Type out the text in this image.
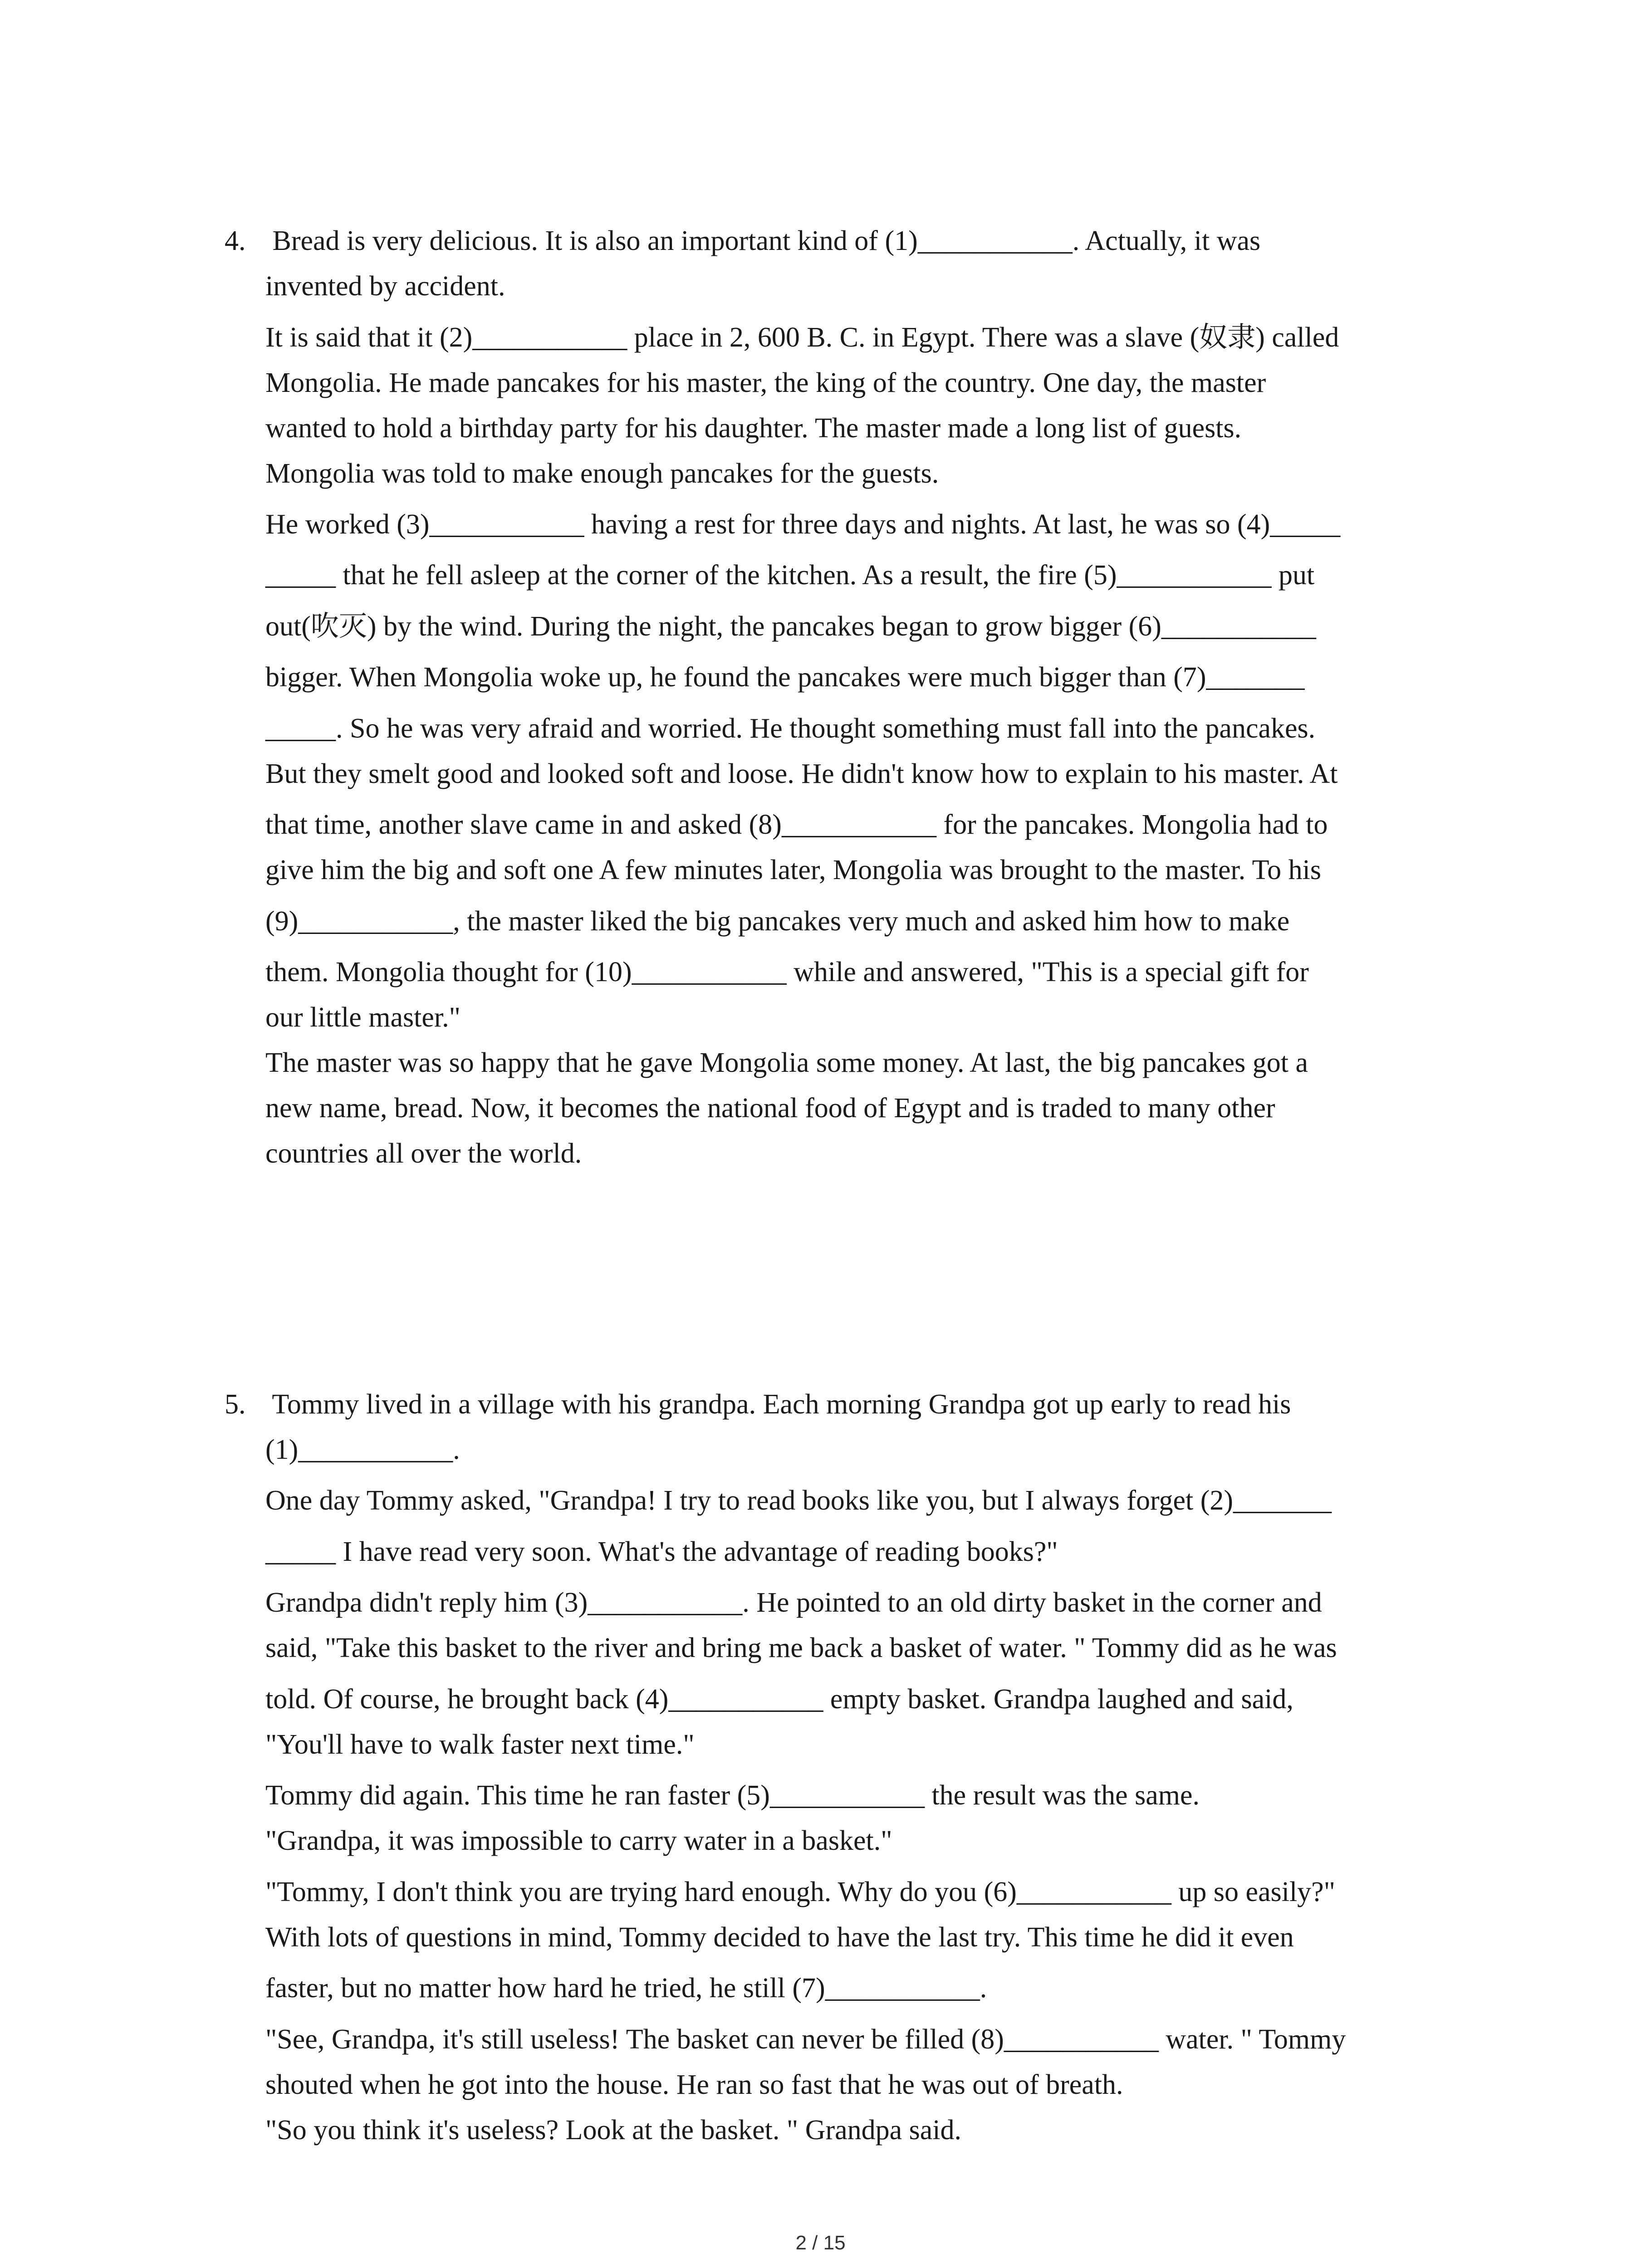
4. Bread is very delicious. It is also an important kind of (1)___________. Actually, it was
invented by accident.
It is said that it (2)___________ place in 2, 600 B. C. in Egypt. There was a slave (奴隶) called
Mongolia. He made pancakes for his master, the king of the country. One day, the master
wanted to hold a birthday party for his daughter. The master made a long list of guests.
Mongolia was told to make enough pancakes for the guests.
He worked (3)___________ having a rest for three days and nights. At last, he was so (4)_____
_____ that he fell asleep at the corner of the kitchen. As a result, the fire (5)___________ put
out(吹灭) by the wind. During the night, the pancakes began to grow bigger (6)___________
bigger. When Mongolia woke up, he found the pancakes were much bigger than (7)_______
_____. So he was very afraid and worried. He thought something must fall into the pancakes.
But they smelt good and looked soft and loose. He didn't know how to explain to his master. At
that time, another slave came in and asked (8)___________ for the pancakes. Mongolia had to
give him the big and soft one A few minutes later, Mongolia was brought to the master. To his
(9)___________, the master liked the big pancakes very much and asked him how to make
them. Mongolia thought for (10)___________ while and answered, "This is a special gift for
our little master."
The master was so happy that he gave Mongolia some money. At last, the big pancakes got a
new name, bread. Now, it becomes the national food of Egypt and is traded to many other
countries all over the world.
5. Tommy lived in a village with his grandpa. Each morning Grandpa got up early to read his
(1)___________.
One day Tommy asked, "Grandpa! I try to read books like you, but I always forget (2)_______
_____ I have read very soon. What's the advantage of reading books?"
Grandpa didn't reply him (3)___________. He pointed to an old dirty basket in the corner and
said, "Take this basket to the river and bring me back a basket of water. " Tommy did as he was
told. Of course, he brought back (4)___________ empty basket. Grandpa laughed and said,
"You'll have to walk faster next time."
Tommy did again. This time he ran faster (5)___________ the result was the same.
"Grandpa, it was impossible to carry water in a basket."
"Tommy, I don't think you are trying hard enough. Why do you (6)___________ up so easily?"
With lots of questions in mind, Tommy decided to have the last try. This time he did it even
faster, but no matter how hard he tried, he still (7)___________.
"See, Grandpa, it's still useless! The basket can never be filled (8)___________ water. " Tommy
shouted when he got into the house. He ran so fast that he was out of breath.
"So you think it's useless? Look at the basket. " Grandpa said.
2 / 15
